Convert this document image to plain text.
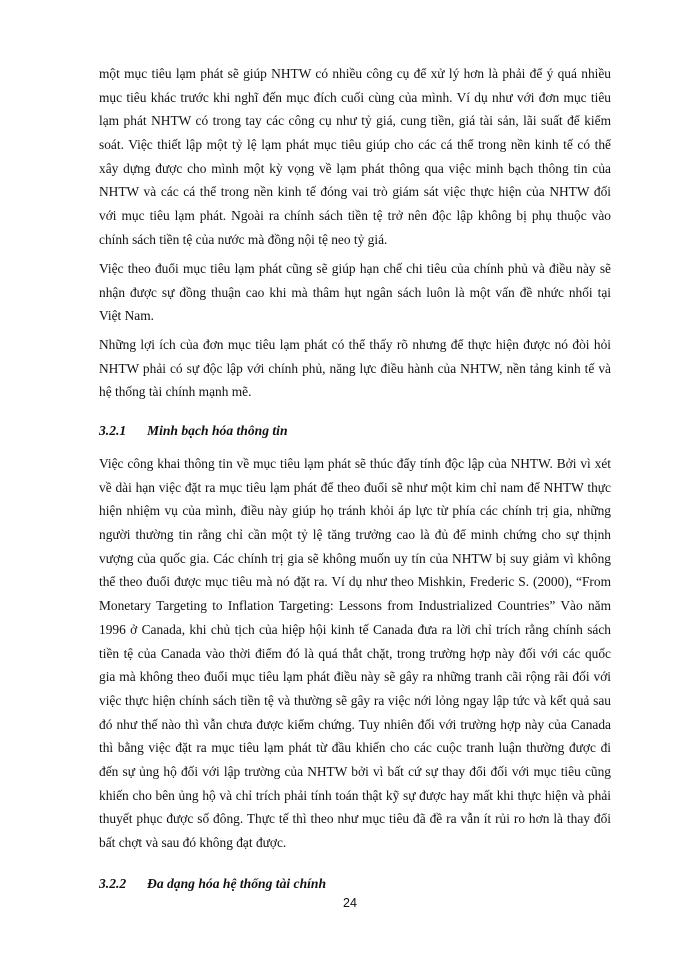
một mục tiêu lạm phát sẽ giúp NHTW có nhiều công cụ để xử lý hơn là phải để ý quá nhiều
mục tiêu khác trước khi nghĩ đến mục đích cuối cùng của mình. Ví dụ như với đơn mục tiêu
lạm phát NHTW có trong tay các công cụ như tỷ giá, cung tiền, giá tài sản, lãi suất để kiểm
soát. Việc thiết lập một tỷ lệ lạm phát mục tiêu giúp cho các cá thể trong nền kinh tế có thể
xây dựng được cho mình một kỳ vọng về lạm phát thông qua việc minh bạch thông tin của
NHTW và các cá thể trong nền kinh tế đóng vai trò giám sát việc thực hiện của NHTW đối
với mục tiêu lạm phát. Ngoài ra chính sách tiền tệ trở nên độc lập không bị phụ thuộc vào
chính sách tiền tệ của nước mà đồng nội tệ neo tỷ giá.
Việc theo đuổi mục tiêu lạm phát cũng sẽ giúp hạn chế chi tiêu của chính phủ và điều này sẽ
nhận được sự đồng thuận cao khi mà thâm hụt ngân sách luôn là một vấn đề nhức nhối tại
Việt Nam.
Những lợi ích của đơn mục tiêu lạm phát có thể thấy rõ nhưng để thực hiện được nó đòi hỏi
NHTW phải có sự độc lập với chính phủ, năng lực điều hành của NHTW, nền tảng kinh tế và
hệ thống tài chính mạnh mẽ.
3.2.1 Minh bạch hóa thông tin
Việc công khai thông tin về mục tiêu lạm phát sẽ thúc đẩy tính độc lập của NHTW. Bởi vì xét
về dài hạn việc đặt ra mục tiêu lạm phát để theo đuổi sẽ như một kim chỉ nam để NHTW thực
hiện nhiệm vụ của mình, điều này giúp họ tránh khỏi áp lực từ phía các chính trị gia, những
người thường tin rằng chỉ cần một tỷ lệ tăng trưởng cao là đủ để minh chứng cho sự thịnh
vượng của quốc gia. Các chính trị gia sẽ không muốn uy tín của NHTW bị suy giảm vì không
thể theo đuổi được mục tiêu mà nó đặt ra. Ví dụ như theo Mishkin, Frederic S. (2000), “From
Monetary Targeting to Inflation Targeting: Lessons from Industrialized Countries” Vào năm
1996 ở Canada, khi chủ tịch của hiệp hội kinh tế Canada đưa ra lời chỉ trích rằng chính sách
tiền tệ của Canada vào thời điểm đó là quá thắt chặt, trong trường hợp này đối với các quốc
gia mà không theo đuổi mục tiêu lạm phát điều này sẽ gây ra những tranh cãi rộng rãi đối với
việc thực hiện chính sách tiền tệ và thường sẽ gây ra việc nới lỏng ngay lập tức và kết quả sau
đó như thế nào thì vẫn chưa được kiểm chứng. Tuy nhiên đối với trường hợp này của Canada
thì bằng việc đặt ra mục tiêu lạm phát từ đầu khiến cho các cuộc tranh luận thường được đi
đến sự ủng hộ đối với lập trường của NHTW bởi vì bất cứ sự thay đổi đối với mục tiêu cũng
khiến cho bên ủng hộ và chỉ trích phải tính toán thật kỹ sự được hay mất khi thực hiện và phải
thuyết phục được số đông. Thực tế thì theo như mục tiêu đã đề ra vẫn ít rủi ro hơn là thay đổi
bất chợt và sau đó không đạt được.
3.2.2 Đa dạng hóa hệ thống tài chính
24
